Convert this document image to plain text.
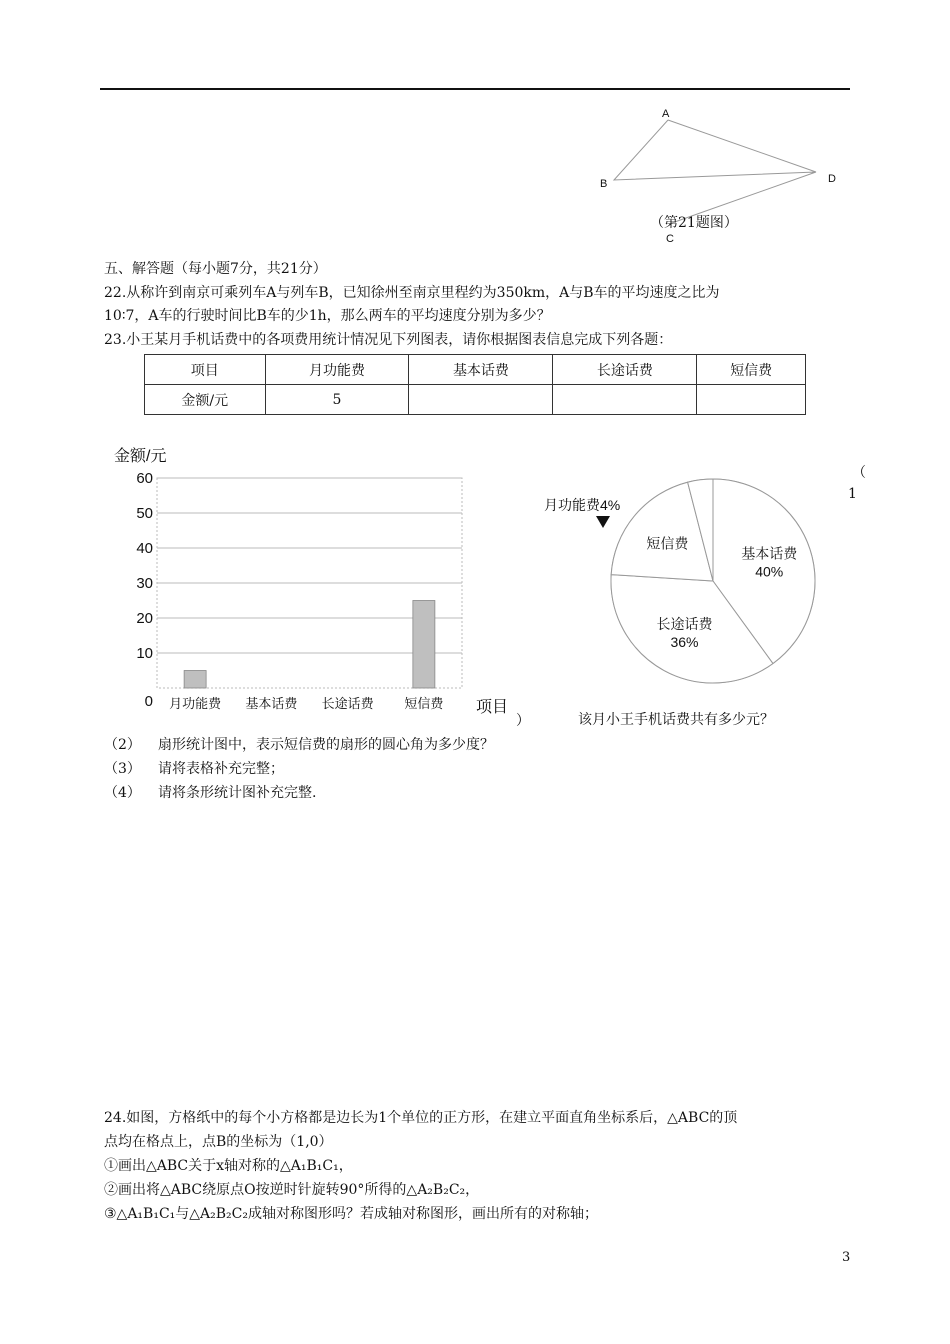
A
B	D
C
（第21题图）
五、解答题（每小题7分，共21分）
22.从称许到南京可乘列车A与列车B，已知徐州至南京里程约为350km，A与B车的平均速度之比为
10∶7，A车的行驶时间比B车的少1h，那么两车的平均速度分别为多少？
23.小王某月手机话费中的各项费用统计情况见下列图表，请你根据图表信息完成下列各题：
项目	月功能费	基本话费	长途话费	短信费
金额/元	5			
金额/元
0
10
20
30
40
50
60
月功能费 基本话费 长途话费 短信费 项目
基本话费
40%
长途话费
36%
短信费
月功能费4%
（
1
）	该月小王手机话费共有多少元？
（2） 扇形统计图中，表示短信费的扇形的圆心角为多少度？
（3） 请将表格补充完整；
（4） 请将条形统计图补充完整.
24.如图，方格纸中的每个小方格都是边长为1个单位的正方形，在建立平面直角坐标系后，△ABC的顶
点均在格点上，点B的坐标为（1,0）
①画出△ABC关于x轴对称的△A₁B₁C₁，
②画出将△ABC绕原点O按逆时针旋转90°所得的△A₂B₂C₂，
③△A₁B₁C₁与△A₂B₂C₂成轴对称图形吗？若成轴对称图形，画出所有的对称轴；
3
